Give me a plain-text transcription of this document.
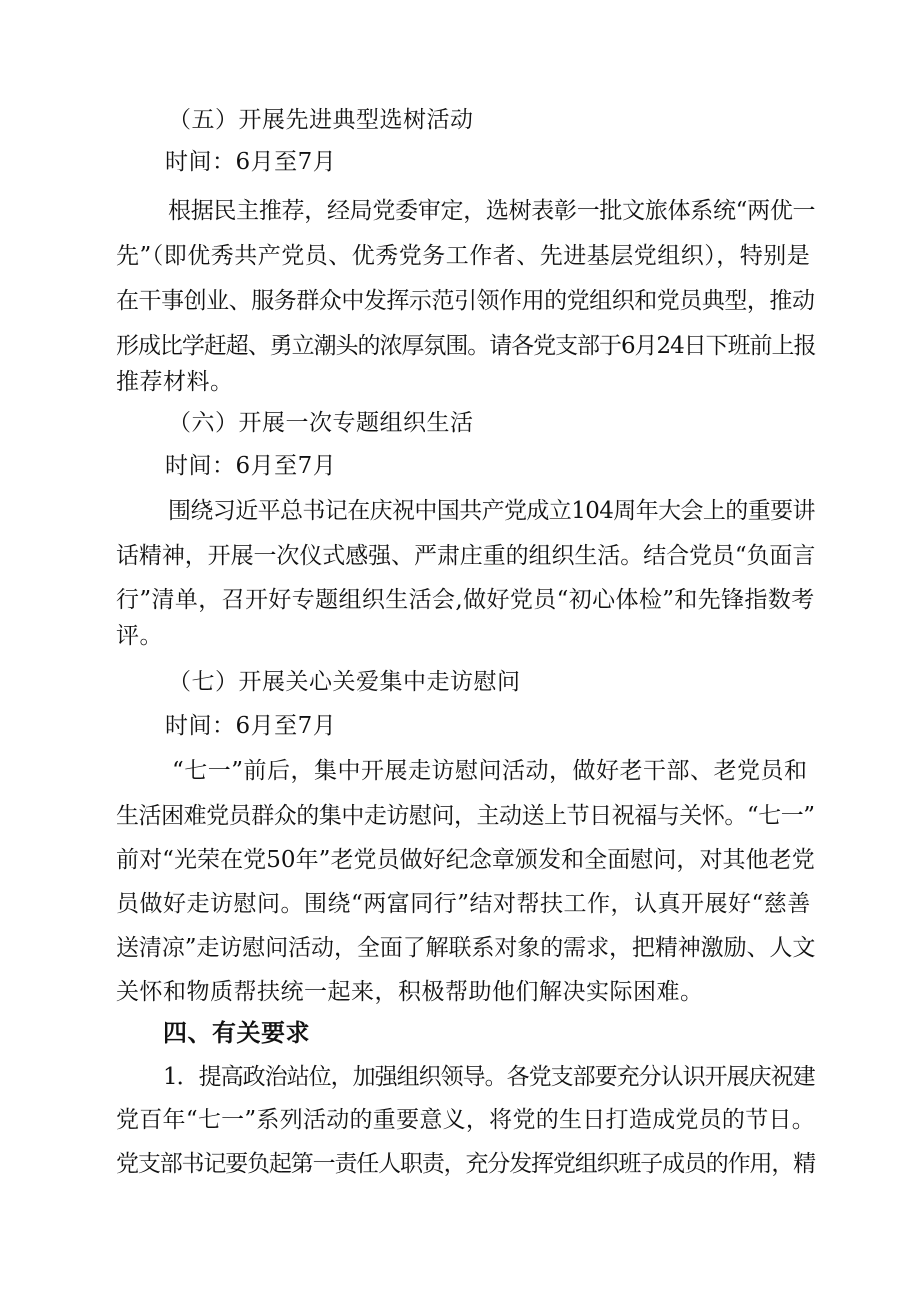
（五）开展先进典型选树活动
时间：6月至7月
根据民主推荐，经局党委审定，选树表彰一批文旅体系统“两优一
先”（即优秀共产党员、优秀党务工作者、先进基层党组织），特别是
在干事创业、服务群众中发挥示范引领作用的党组织和党员典型，推动
形成比学赶超、勇立潮头的浓厚氛围。请各党支部于6月24日下班前上报
推荐材料。
（六）开展一次专题组织生活
时间：6月至7月
围绕习近平总书记在庆祝中国共产党成立104周年大会上的重要讲
话精神，开展一次仪式感强、严肃庄重的组织生活。结合党员“负面言
行”清单，召开好专题组织生活会,做好党员“初心体检”和先锋指数考
评。
（七）开展关心关爱集中走访慰问
时间：6月至7月
“七一”前后，集中开展走访慰问活动，做好老干部、老党员和
生活困难党员群众的集中走访慰问，主动送上节日祝福与关怀。“七一”
前对“光荣在党50年”老党员做好纪念章颁发和全面慰问，对其他老党
员做好走访慰问。围绕“两富同行”结对帮扶工作，认真开展好“慈善
送清凉”走访慰问活动，全面了解联系对象的需求，把精神激励、人文
关怀和物质帮扶统一起来，积极帮助他们解决实际困难。
四、有关要求
1．提高政治站位，加强组织领导。各党支部要充分认识开展庆祝建
党百年“七一”系列活动的重要意义，将党的生日打造成党员的节日。
党支部书记要负起第一责任人职责，充分发挥党组织班子成员的作用，精
